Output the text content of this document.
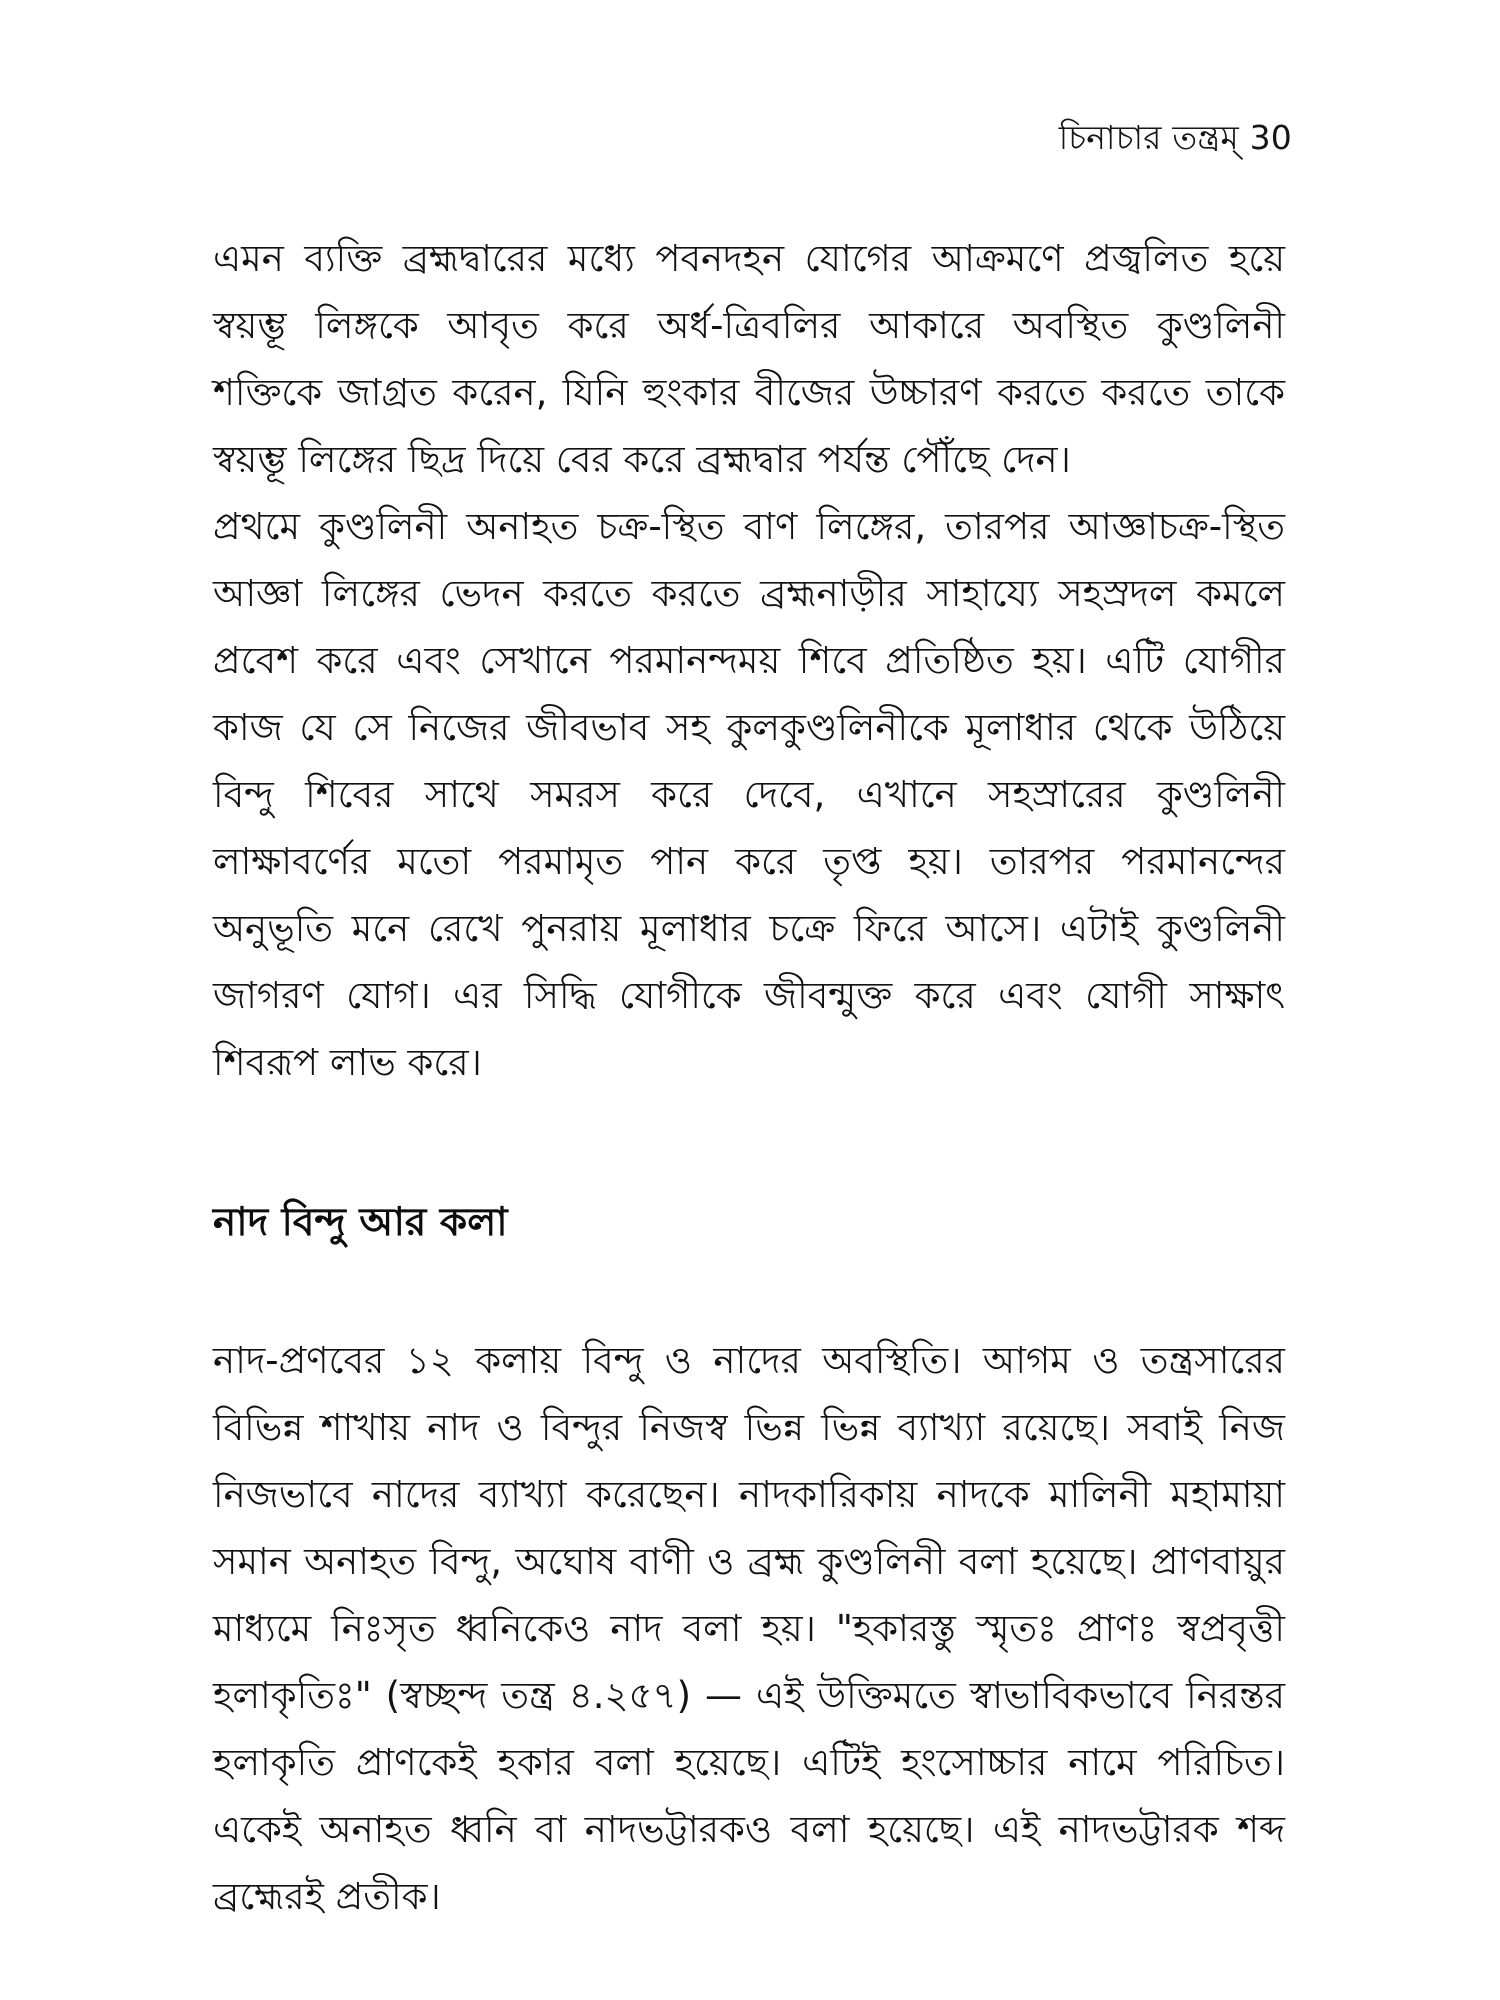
চিনাচার তন্ত্রম্ 30

এমন ব্যক্তি ব্রহ্মদ্বারের মধ্যে পবনদহন যোগের আক্রমণে প্রজ্বলিত হয়ে স্বয়ম্ভূ লিঙ্গকে আবৃত করে অর্ধ-ত্রিবলির আকারে অবস্থিত কুণ্ডলিনী শক্তিকে জাগ্রত করেন, যিনি হুংকার বীজের উচ্চারণ করতে করতে তাকে স্বয়ম্ভূ লিঙ্গের ছিদ্র দিয়ে বের করে ব্রহ্মদ্বার পর্যন্ত পৌঁছে দেন।

প্রথমে কুণ্ডলিনী অনাহত চক্র-স্থিত বাণ লিঙ্গের, তারপর আজ্ঞাচক্র-স্থিত আজ্ঞা লিঙ্গের ভেদন করতে করতে ব্রহ্মনাড়ীর সাহায্যে সহস্রদল কমলে প্রবেশ করে এবং সেখানে পরমানন্দময় শিবে প্রতিষ্ঠিত হয়। এটি যোগীর কাজ যে সে নিজের জীবভাব সহ কুলকুণ্ডলিনীকে মূলাধার থেকে উঠিয়ে বিন্দু শিবের সাথে সমরস করে দেবে, এখানে সহস্রারের কুণ্ডলিনী লাক্ষাবর্ণের মতো পরমামৃত পান করে তৃপ্ত হয়। তারপর পরমানন্দের অনুভূতি মনে রেখে পুনরায় মূলাধার চক্রে ফিরে আসে। এটাই কুণ্ডলিনী জাগরণ যোগ। এর সিদ্ধি যোগীকে জীবন্মুক্ত করে এবং যোগী সাক্ষাৎ শিবরূপ লাভ করে।

নাদ বিন্দু আর কলা

নাদ-প্রণবের ১২ কলায় বিন্দু ও নাদের অবস্থিতি। আগম ও তন্ত্রসারের বিভিন্ন শাখায় নাদ ও বিন্দুর নিজস্ব ভিন্ন ভিন্ন ব্যাখ্যা রয়েছে। সবাই নিজ নিজভাবে নাদের ব্যাখ্যা করেছেন। নাদকারিকায় নাদকে মালিনী মহামায়া সমান অনাহত বিন্দু, অঘোষ বাণী ও ব্রহ্ম কুণ্ডলিনী বলা হয়েছে। প্রাণবায়ুর মাধ্যমে নিঃসৃত ধ্বনিকেও নাদ বলা হয়। "হকারস্তু স্মৃতঃ প্রাণঃ স্বপ্রবৃত্তী হলাকৃতিঃ" (স্বচ্ছন্দ তন্ত্র ৪.২৫৭) — এই উক্তিমতে স্বাভাবিকভাবে নিরন্তর হলাকৃতি প্রাণকেই হকার বলা হয়েছে। এটিই হংসোচ্চার নামে পরিচিত। একেই অনাহত ধ্বনি বা নাদভট্টারকও বলা হয়েছে। এই নাদভট্টারক শব্দ ব্রহ্মেরই প্রতীক।
